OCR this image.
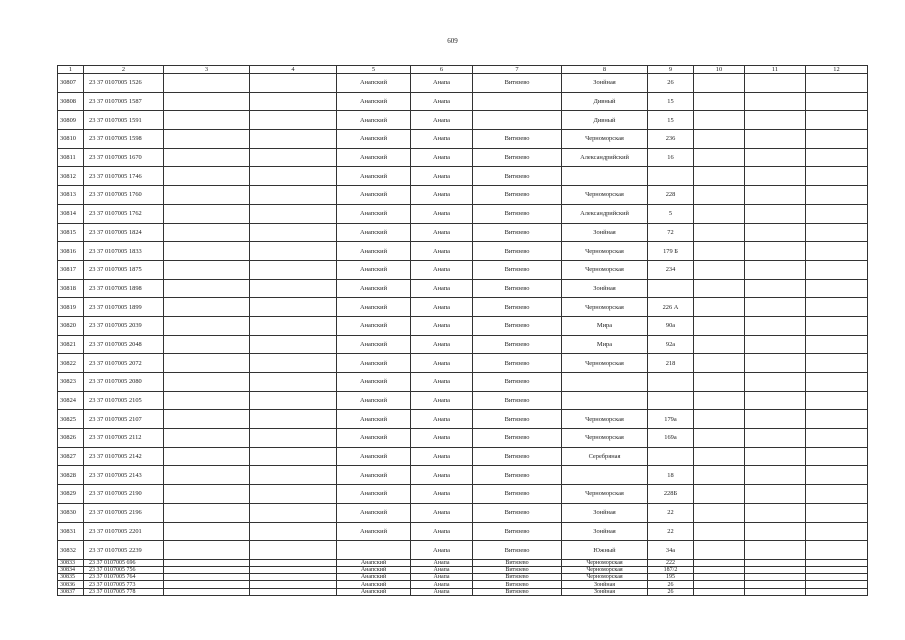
609
1	2	3	4	5	6	7	8	9	10	11	12
30807	23 37 0107005 1526			Анапский	Анапа	Витязево	Зонйная	26			
30808	23 37 0107005 1587			Анапский	Анапа		Дивный	15			
30809	23 37 0107005 1591			Анапский	Анапа		Дивный	15			
30810	23 37 0107005 1598			Анапский	Анапа	Витязево	Черноморская	236			
30811	23 37 0107005 1670			Анапский	Анапа	Витязево	Александрийский	16			
30812	23 37 0107005 1746			Анапский	Анапа	Витязево					
30813	23 37 0107005 1760			Анапский	Анапа	Витязево	Черноморская	228			
30814	23 37 0107005 1762			Анапский	Анапа	Витязево	Александрийский	5			
30815	23 37 0107005 1824			Анапский	Анапа	Витязево	Зонйная	72			
30816	23 37 0107005 1833			Анапский	Анапа	Витязево	Черноморская	179 Б			
30817	23 37 0107005 1875			Анапский	Анапа	Витязево	Черноморская	234			
30818	23 37 0107005 1898			Анапский	Анапа	Витязево	Зонйная				
30819	23 37 0107005 1899			Анапский	Анапа	Витязево	Черноморская	226 А			
30820	23 37 0107005 2039			Анапский	Анапа	Витязево	Мира	90а			
30821	23 37 0107005 2048			Анапский	Анапа	Витязево	Мира	92а			
30822	23 37 0107005 2072			Анапский	Анапа	Витязево	Черноморская	218			
30823	23 37 0107005 2080			Анапский	Анапа	Витязево					
30824	23 37 0107005 2105			Анапский	Анапа	Витязево					
30825	23 37 0107005 2107			Анапский	Анапа	Витязево	Черноморская	179а			
30826	23 37 0107005 2112			Анапский	Анапа	Витязево	Черноморская	169а			
30827	23 37 0107005 2142			Анапский	Анапа	Витязево	Серебряная				
30828	23 37 0107005 2143			Анапский	Анапа	Витязево		18			
30829	23 37 0107005 2190			Анапский	Анапа	Витязево	Черноморская	228Б			
30830	23 37 0107005 2196			Анапский	Анапа	Витязево	Зонйная	22			
30831	23 37 0107005 2201			Анапский	Анапа	Витязево	Зонйная	22			
30832	23 37 0107005 2239				Анапа	Витязево	Южный	34а			
30833	23 37 0107005 696			Анапский	Анапа	Витязево	Черноморская	222			
30834	23 37 0107005 756			Анапский	Анапа	Витязево	Черноморская	187/2			
30835	23 37 0107005 764			Анапский	Анапа	Витязево	Черноморская	195			
30836	23 37 0107005 773			Анапский	Анапа	Витязево	Зонйная	26			
30837	23 37 0107005 778			Анапский	Анапа	Витязево	Зонйная	26			
